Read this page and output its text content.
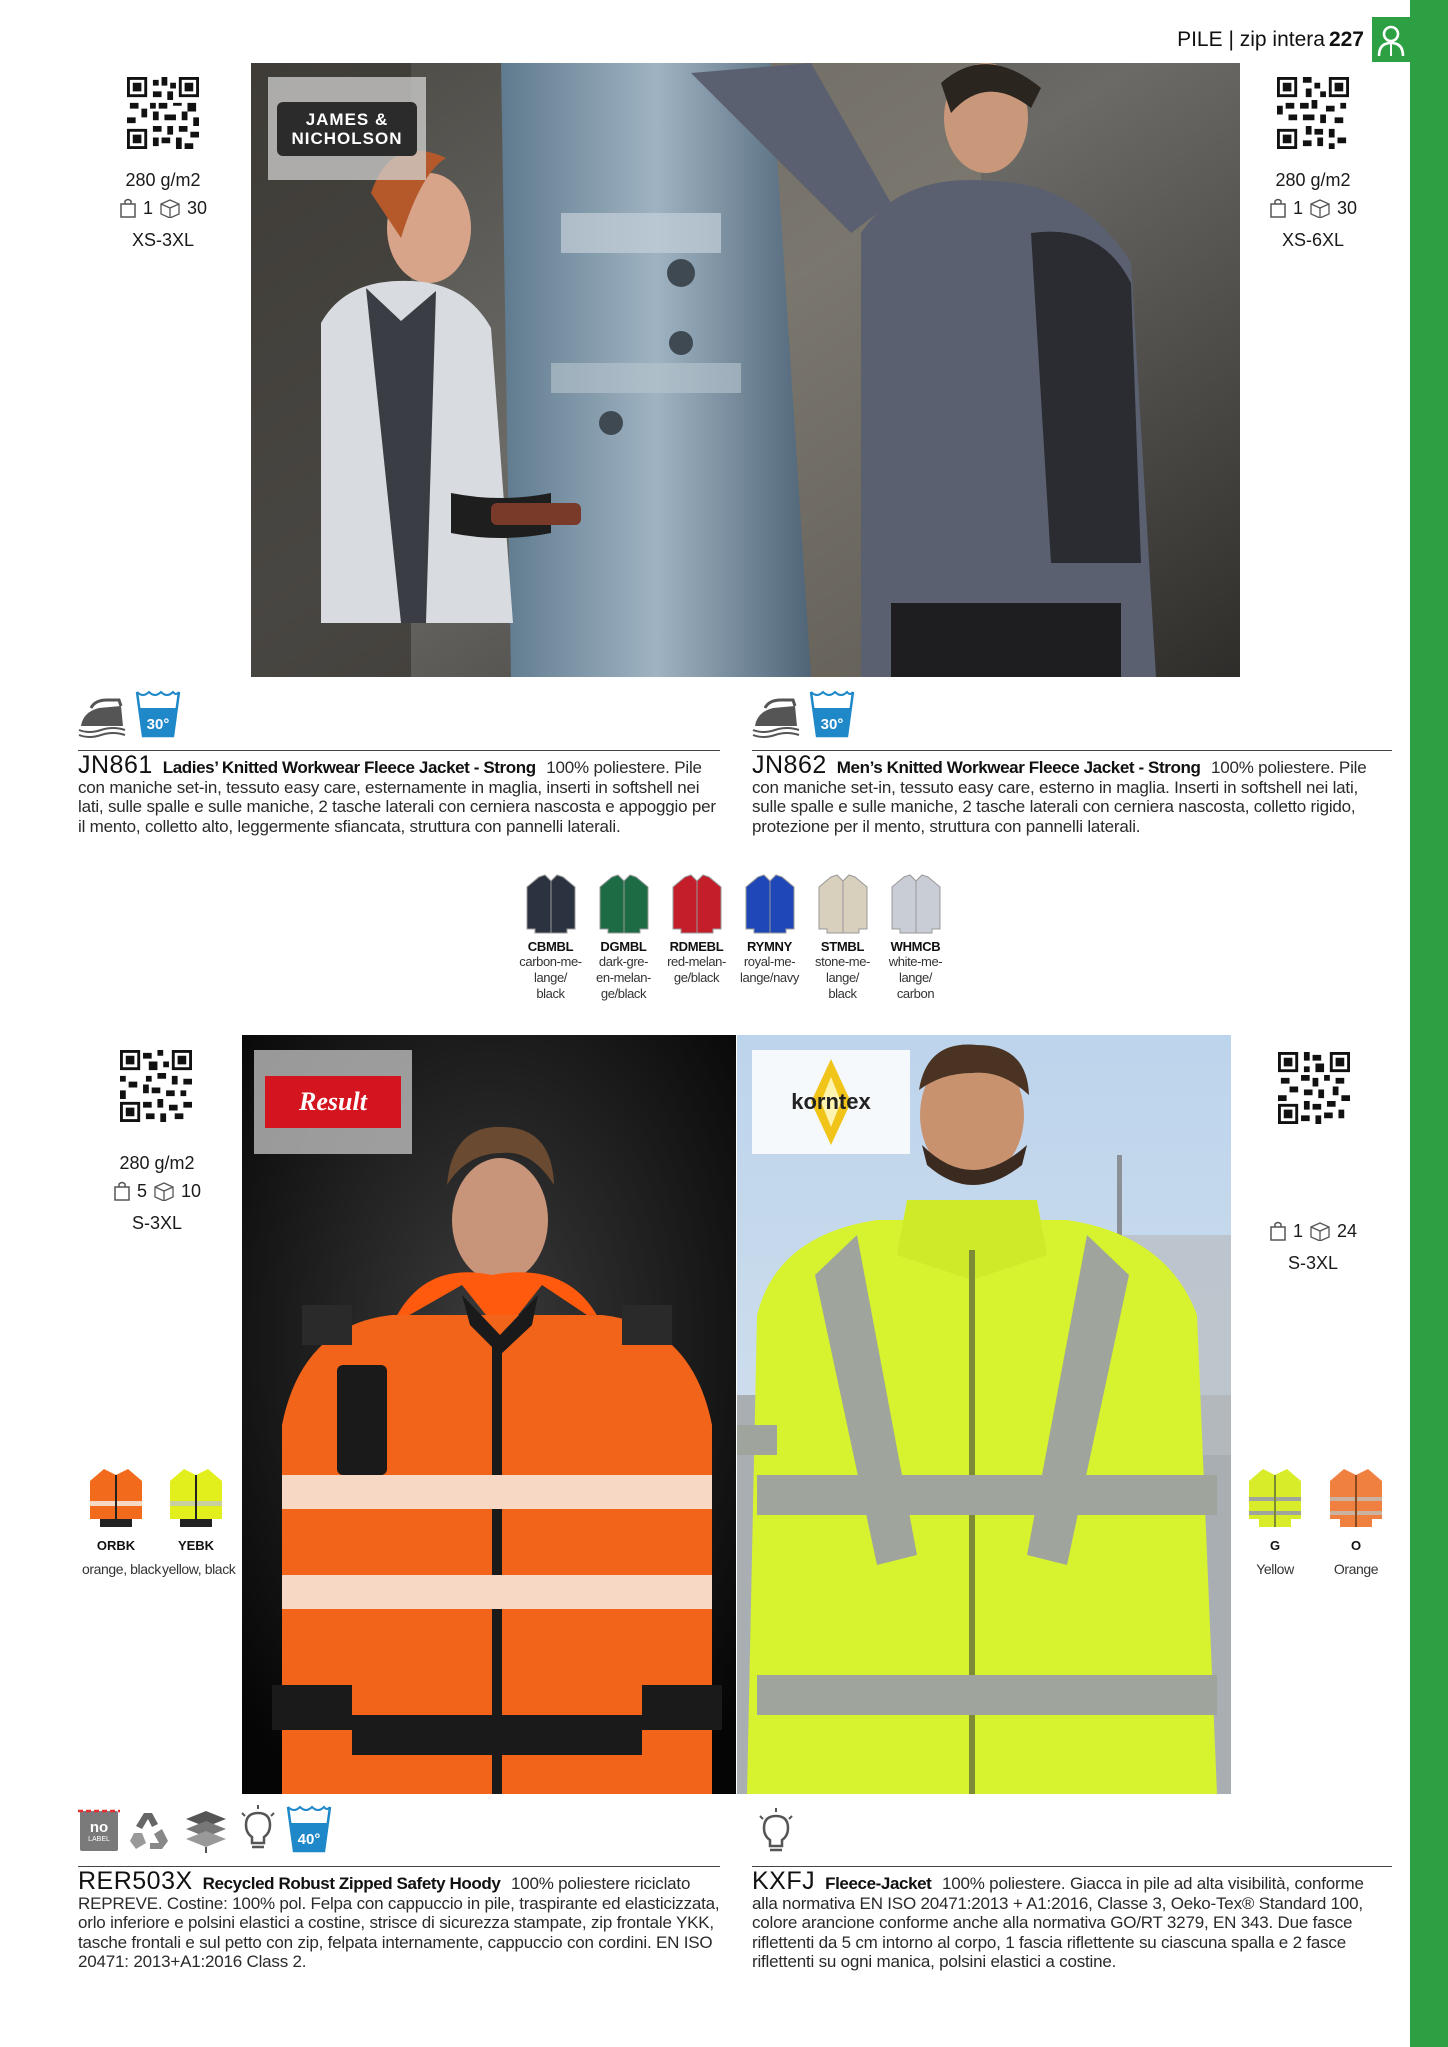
PILE | zip intera 227
JAMES & NICHOLSON
280 g/m2
1 30
XS-3XL
280 g/m2
1 30
XS-6XL
30°	30°
JN861 Ladies’ Knitted Workwear Fleece Jacket - Strong 100% poliestere. Pile con maniche set-in, tessuto easy care, esternamente in maglia, inserti in softshell nei lati, sulle spalle e sulle maniche, 2 tasche laterali con cerniera nascosta e appoggio per il mento, colletto alto, leggermente sfiancata, struttura con pannelli laterali.
JN862 Men’s Knitted Workwear Fleece Jacket - Strong 100% poliestere. Pile con maniche set-in, tessuto easy care, esterno in maglia. Inserti in softshell nei lati, sulle spalle e sulle maniche, 2 tasche laterali con cerniera nascosta, colletto rigido, protezione per il mento, struttura con pannelli laterali.
CBMBL
carbon-me-
lange/
black
DGMBL
dark-gre-
en-melan-
ge/black
RDMEBL
red-melan-
ge/black
RYMNY
royal-me-
lange/navy
STMBL
stone-me-
lange/
black
WHMCB
white-me-
lange/
carbon
Result	korntex
280 g/m2
5 10
S-3XL	1 24
S-3XL
ORBK
orange, black
YEBK
yellow, black
G
Yellow
O
Orange
no
LABEL	40°
RER503X Recycled Robust Zipped Safety Hoody 100% poliestere riciclato REPREVE. Costine: 100% pol. Felpa con cappuccio in pile, traspirante ed elasticizzata, orlo inferiore e polsini elastici a costine, strisce di sicurezza stampate, zip frontale YKK, tasche frontali e sul petto con zip, felpata internamente, cappuccio con cordini. EN ISO 20471: 2013+A1:2016 Class 2.
KXFJ Fleece-Jacket 100% poliestere. Giacca in pile ad alta visibilità, conforme alla normativa EN ISO 20471:2013 + A1:2016, Classe 3, Oeko-Tex® Standard 100, colore arancione conforme anche alla normativa GO/RT 3279, EN 343. Due fasce riflettenti da 5 cm intorno al corpo, 1 fascia riflettente su ciascuna spalla e 2 fasce riflettenti su ogni manica, polsini elastici a costine.
